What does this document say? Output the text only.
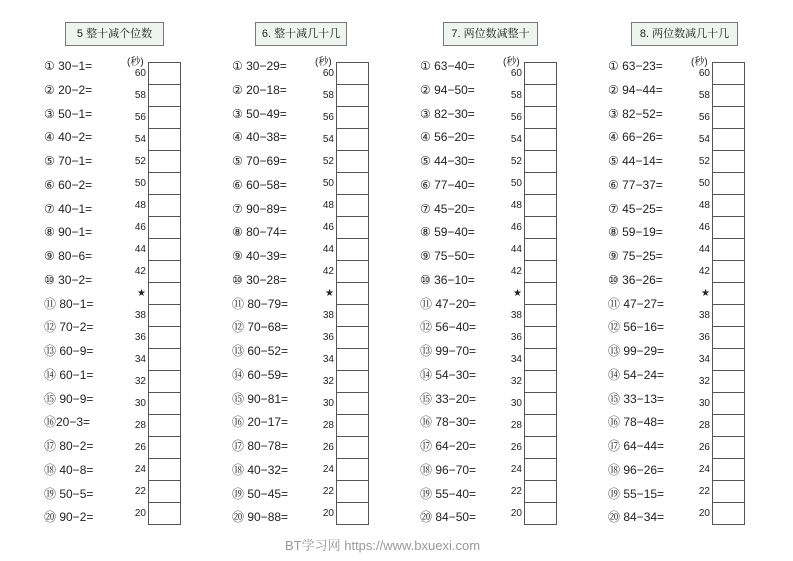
5 整十减个位数
① 30−1=
② 20−2=
③ 50−1=
④ 40−2=
⑤ 70−1=
⑥ 60−2=
⑦ 40−1=
⑧ 90−1=
⑨ 80−6=
⑩ 30−2=
⑪ 80−1=
⑫ 70−2=
⑬ 60−9=
⑭ 60−1=
⑮ 90−9=
⑯20−3=
⑰ 80−2=
⑱ 40−8=
⑲ 50−5=
⑳ 90−2=
(秒)
60
58
56
54
52
50
48
46
44
42
★
38
36
34
32
30
28
26
24
22
20
6. 整十减几十几
① 30−29=
② 20−18=
③ 50−49=
④ 40−38=
⑤ 70−69=
⑥ 60−58=
⑦ 90−89=
⑧ 80−74=
⑨ 40−39=
⑩ 30−28=
⑪ 80−79=
⑫ 70−68=
⑬ 60−52=
⑭ 60−59=
⑮ 90−81=
⑯ 20−17=
⑰ 80−78=
⑱ 40−32=
⑲ 50−45=
⑳ 90−88=
(秒)
60
58
56
54
52
50
48
46
44
42
★
38
36
34
32
30
28
26
24
22
20
7. 两位数减整十
① 63−40=
② 94−50=
③ 82−30=
④ 56−20=
⑤ 44−30=
⑥ 77−40=
⑦ 45−20=
⑧ 59−40=
⑨ 75−50=
⑩ 36−10=
⑪ 47−20=
⑫ 56−40=
⑬ 99−70=
⑭ 54−30=
⑮ 33−20=
⑯ 78−30=
⑰ 64−20=
⑱ 96−70=
⑲ 55−40=
⑳ 84−50=
(秒)
60
58
56
54
52
50
48
46
44
42
★
38
36
34
32
30
28
26
24
22
20
8. 两位数减几十几
① 63−23=
② 94−44=
③ 82−52=
④ 66−26=
⑤ 44−14=
⑥ 77−37=
⑦ 45−25=
⑧ 59−19=
⑨ 75−25=
⑩ 36−26=
⑪ 47−27=
⑫ 56−16=
⑬ 99−29=
⑭ 54−24=
⑮ 33−13=
⑯ 78−48=
⑰ 64−44=
⑱ 96−26=
⑲ 55−15=
⑳ 84−34=
(秒)
60
58
56
54
52
50
48
46
44
42
★
38
36
34
32
30
28
26
24
22
20
BT学习网 https://www.bxuexi.com
